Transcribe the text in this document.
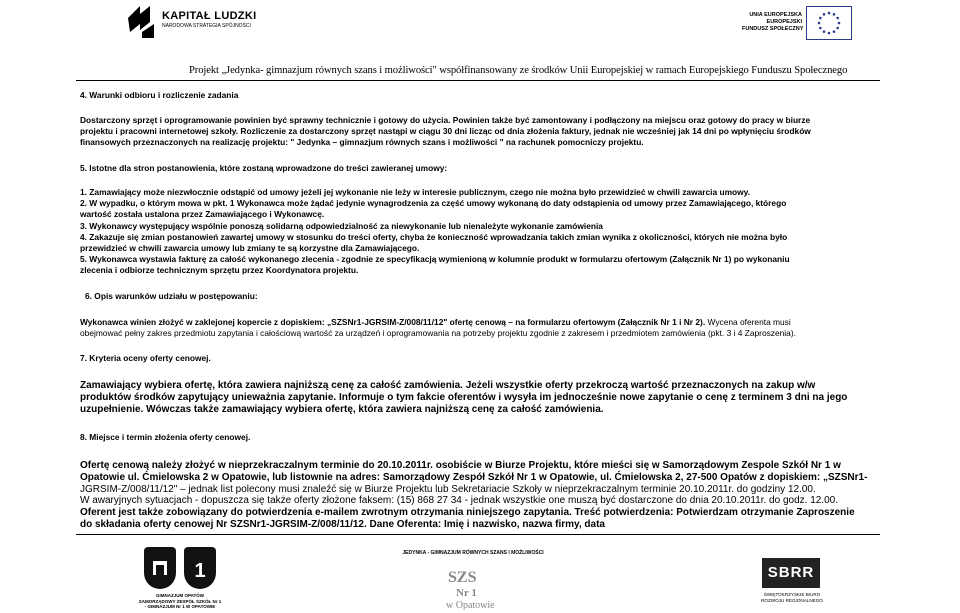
KAPITAŁ LUDZKI
NARODOWA STRATEGIA SPÓJNOŚCI
UNIA EUROPEJSKA
EUROPEJSKI
FUNDUSZ SPOŁECZNY
Projekt „Jedynka- gimnazjum równych szans i możliwości" współfinansowany ze środków Unii Europejskiej w ramach Europejskiego Funduszu Społecznego
4. Warunki odbioru i rozliczenie zadania
Dostarczony sprzęt i oprogramowanie powinien być sprawny technicznie i gotowy do użycia. Powinien także być zamontowany i podłączony na miejscu oraz gotowy do pracy w biurze
projektu i pracowni internetowej szkoły. Rozliczenie za dostarczony sprzęt nastąpi w ciągu 30 dni licząc od dnia złożenia faktury, jednak nie wcześniej jak 14 dni po wpłynięciu środków
finansowych przeznaczonych na realizację projektu: " Jedynka – gimnazjum równych szans i możliwości " na rachunek pomocniczy projektu.
5. Istotne dla stron postanowienia, które zostaną wprowadzone do treści zawieranej umowy:
1. Zamawiający może niezwłocznie odstąpić od umowy jeżeli jej wykonanie nie leży w interesie publicznym, czego nie można było przewidzieć w chwili zawarcia umowy.
2. W wypadku, o którym mowa w pkt. 1 Wykonawca może żądać jedynie wynagrodzenia za część umowy wykonaną do daty odstąpienia od umowy przez Zamawiającego, którego
wartość została ustalona przez Zamawiającego i Wykonawcę.
3. Wykonawcy występujący wspólnie ponoszą solidarną odpowiedzialność za niewykonanie lub nienależyte wykonanie zamówienia
4. Zakazuje się zmian postanowień zawartej umowy w stosunku do treści oferty, chyba że konieczność wprowadzania takich zmian wynika z okoliczności, których nie można było
przewidzieć w chwili zawarcia umowy lub zmiany te są korzystne dla Zamawiającego.
5. Wykonawca wystawia fakturę za całość wykonanego zlecenia - zgodnie ze specyfikacją wymienioną w kolumnie produkt w formularzu ofertowym (Załącznik Nr 1) po wykonaniu
zlecenia i odbiorze technicznym sprzętu przez Koordynatora projektu.
6. Opis warunków udziału w postępowaniu:
Wykonawca winien złożyć w zaklejonej kopercie z dopiskiem: „SZSNr1-JGRSIM-Z/008/11/12" ofertę cenową – na formularzu ofertowym (Załącznik Nr 1 i Nr 2). Wycena oferenta musi
obejmować pełny zakres przedmiotu zapytania i całościową wartość za urządzeń i oprogramowania na potrzeby projektu zgodnie z zakresem i przedmiotem zamówienia (pkt. 3 i 4 Zaproszenia).
7. Kryteria oceny oferty cenowej.
Zamawiający wybiera ofertę, która zawiera najniższą cenę za całość zamówienia. Jeżeli wszystkie oferty przekroczą wartość przeznaczonych na zakup w/w
produktów środków zapytujący unieważnia zapytanie. Informuje o tym fakcie oferentów i wysyła im jednocześnie nowe zapytanie o cenę z terminem 3 dni na jego
uzupełnienie. Wówczas także zamawiający wybiera ofertę, która zawiera najniższą cenę za całość zamówienia.
8. Miejsce i termin złożenia oferty cenowej.
Ofertę cenową należy złożyć w nieprzekraczalnym terminie do 20.10.2011r. osobiście w Biurze Projektu, które mieści się w Samorządowym Zespole Szkół Nr 1 w
Opatowie ul. Ćmielowska 2 w Opatowie, lub listownie na adres: Samorządowy Zespół Szkół Nr 1 w Opatowie, ul. Ćmielowska 2, 27-500 Opatów z dopiskiem: „SZSNr1-
JGRSIM-Z/008/11/12" – jednak list polecony musi znaleźć się w Biurze Projektu lub Sekretariacie Szkoły w nieprzekraczalnym terminie 20.10.2011r. do godziny 12.00.
W awaryjnych sytuacjach - dopuszcza się także oferty złożone faksem: (15) 868 27 34 - jednak wszystkie one muszą być dostarczone do dnia 20.10.2011r. do godz. 12.00.
Oferent jest także zobowiązany do potwierdzenia e-mailem zwrotnym otrzymania niniejszego zapytania. Treść potwierdzenia: Potwierdzam otrzymanie Zaproszenie
do składania oferty cenowej Nr SZSNr1-JGRSIM-Z/008/11/12. Dane Oferenta: Imię i nazwisko, nazwa firmy, data
1
GIMNAZJUM OPATÓW
SAMORZĄDOWY ZESPÓŁ SZKÓŁ Nr 1
- GIMNAZJUM Nr 1 W OPATOWIE
JEDYNKA - GIMNAZJUM RÓWNYCH SZANS I MOŻLIWOŚCI
SZS
Nr 1
w Opatowie
SBRR
ŚWIĘTOKRZYSKIE BIURO
ROZWOJU REGIONALNEGO
